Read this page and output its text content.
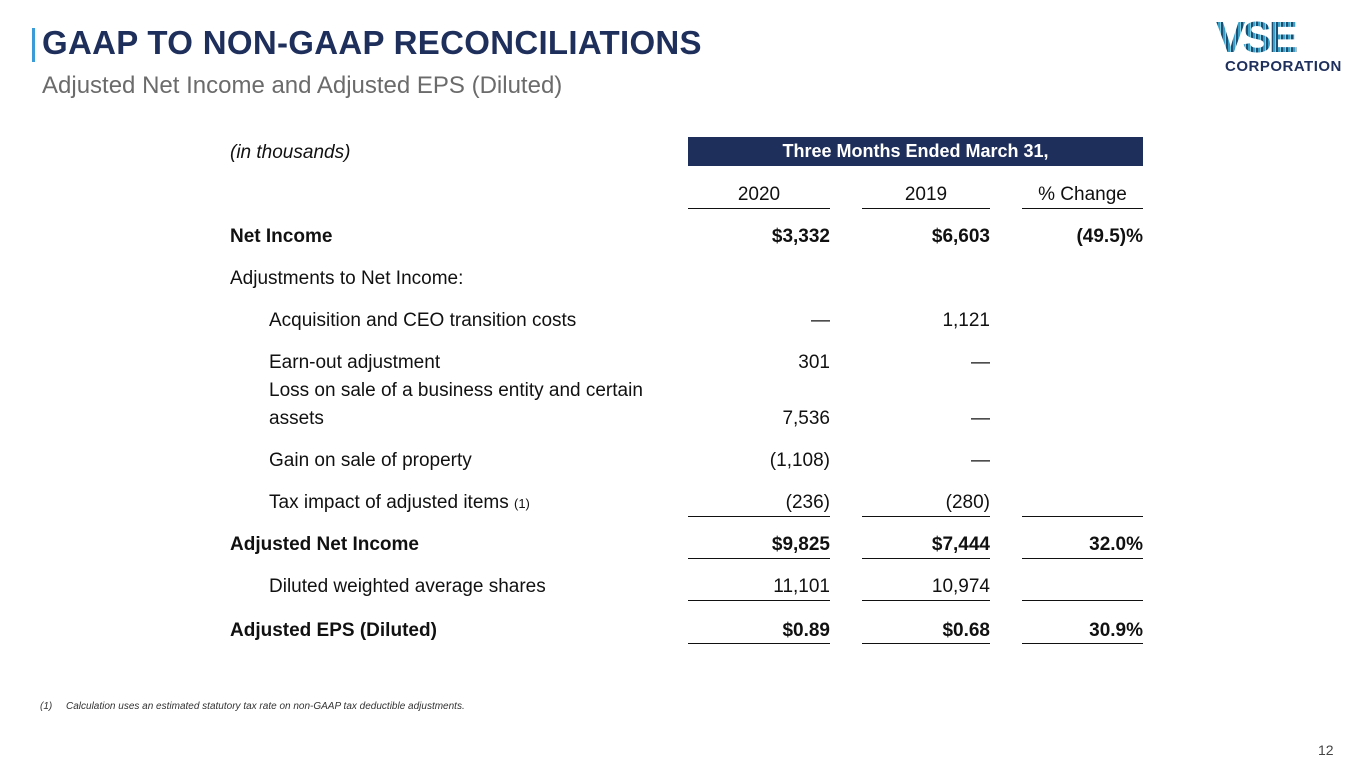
GAAP TO NON-GAAP RECONCILIATIONS
Adjusted Net Income and Adjusted EPS (Diluted)
VSE
CORPORATION
(in thousands)	Three Months Ended March 31,
2020	2019	% Change
Net Income	$3,332	$6,603	(49.5)%
Adjustments to Net Income:
Acquisition and CEO transition costs	—	1,121
Earn-out adjustment	301	—
Loss on sale of a business entity and certain
assets	7,536	—
Gain on sale of property	(1,108)	—
Tax impact of adjusted items (1)	(236)	(280)
Adjusted Net Income	$9,825	$7,444	32.0%
Diluted weighted average shares	11,101	10,974
Adjusted EPS (Diluted)	$0.89	$0.68	30.9%
(1) Calculation uses an estimated statutory tax rate on non-GAAP tax deductible adjustments.
12
